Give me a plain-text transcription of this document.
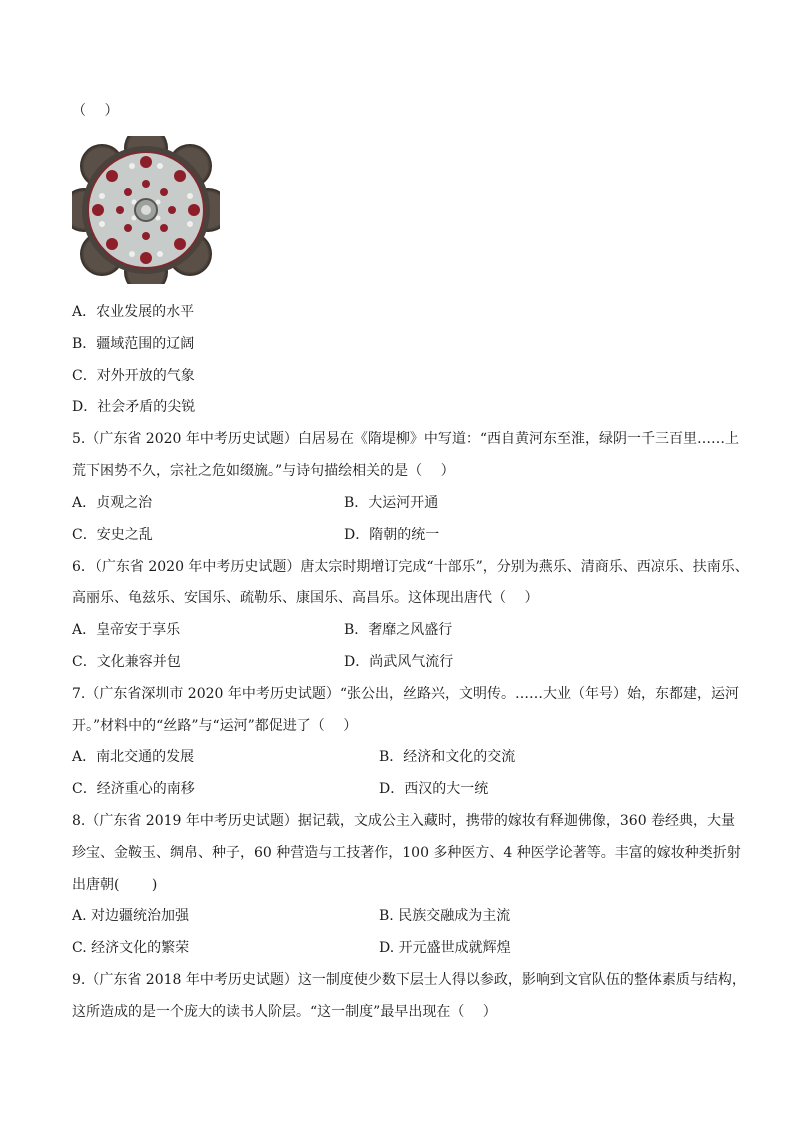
（　 ）
A．农业发展的水平
B．疆域范围的辽阔
C．对外开放的气象
D．社会矛盾的尖锐
5.（广东省 2020 年中考历史试题）白居易在《隋堤柳》中写道：“西自黄河东至淮，绿阴一千三百里……上
荒下困势不久，宗社之危如缀旒。”与诗句描绘相关的是（　 ）
A．贞观之治	B．大运河开通
C．安史之乱	D．隋朝的统一
6．（广东省 2020 年中考历史试题）唐太宗时期增订完成“十部乐”，分别为燕乐、清商乐、西凉乐、扶南乐、
高丽乐、龟兹乐、安国乐、疏勒乐、康国乐、高昌乐。这体现出唐代（　 ）
A．皇帝安于享乐	B．奢靡之风盛行
C．文化兼容并包	D．尚武风气流行
7.（广东省深圳市 2020 年中考历史试题）“张公出，丝路兴，文明传。……大业（年号）始，东都建，运河
开。”材料中的“丝路”与“运河”都促进了（　 ）
A．南北交通的发展	B．经济和文化的交流
C．经济重心的南移	D．西汉的大一统
8.（广东省 2019 年中考历史试题）据记载，文成公主入藏时，携带的嫁妆有释迦佛像，360 卷经典，大量
珍宝、金鞍玉、绸帛、种子，60 种营造与工技著作，100 多种医方、4 种医学论著等。丰富的嫁妆种类折射
出唐朝(　 　)
A. 对边疆统治加强	B. 民族交融成为主流
C. 经济文化的繁荣	D. 开元盛世成就辉煌
9.（广东省 2018 年中考历史试题）这一制度使少数下层士人得以参政，影响到文官队伍的整体素质与结构，
这所造成的是一个庞大的读书人阶层。“这一制度”最早出现在（　 ）
